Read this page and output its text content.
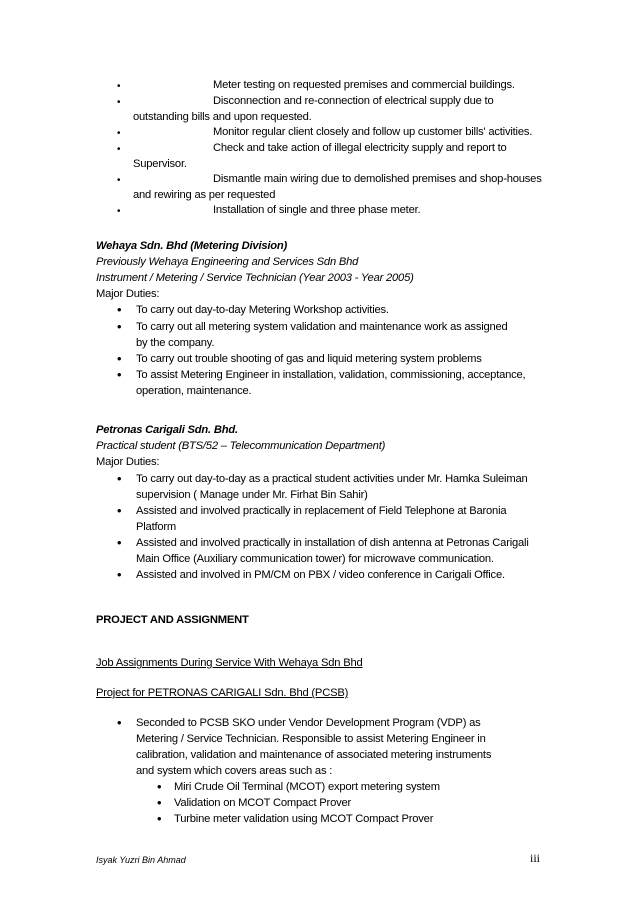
•	Meter testing on requested premises and commercial buildings.
•	Disconnection and re-connection of electrical supply due to
outstanding bills and upon requested.
•	Monitor regular client closely and follow up customer bills' activities.
•	Check and take action of illegal electricity supply and report to
Supervisor.
•	Dismantle main wiring due to demolished premises and shop-houses
and rewiring as per requested
•	Installation of single and three phase meter.
Wehaya Sdn. Bhd (Metering Division)
Previously Wehaya Engineering and Services Sdn Bhd
Instrument / Metering / Service Technician (Year 2003 - Year 2005)
Major Duties:
• To carry out day-to-day Metering Workshop activities.
• To carry out all metering system validation and maintenance work as assigned
by the company.
• To carry out trouble shooting of gas and liquid metering system problems
• To assist Metering Engineer in installation, validation, commissioning, acceptance,
operation, maintenance.
Petronas Carigali Sdn. Bhd.
Practical student (BTS/52 – Telecommunication Department)
Major Duties:
• To carry out day-to-day as a practical student activities under Mr. Hamka Suleiman
supervision ( Manage under Mr. Firhat Bin Sahir)
• Assisted and involved practically in replacement of Field Telephone at Baronia
Platform
• Assisted and involved practically in installation of dish antenna at Petronas Carigali
Main Office (Auxiliary communication tower) for microwave communication.
• Assisted and involved in PM/CM on PBX / video conference in Carigali Office.
PROJECT AND ASSIGNMENT
Job Assignments During Service With Wehaya Sdn Bhd
Project for PETRONAS CARIGALI Sdn. Bhd (PCSB)
• Seconded to PCSB SKO under Vendor Development Program (VDP) as
Metering / Service Technician. Responsible to assist Metering Engineer in
calibration, validation and maintenance of associated metering instruments
and system which covers areas such as :
• Miri Crude Oil Terminal (MCOT) export metering system
• Validation on MCOT Compact Prover
• Turbine meter validation using MCOT Compact Prover
Isyak Yuzri Bin Ahmad	iii
